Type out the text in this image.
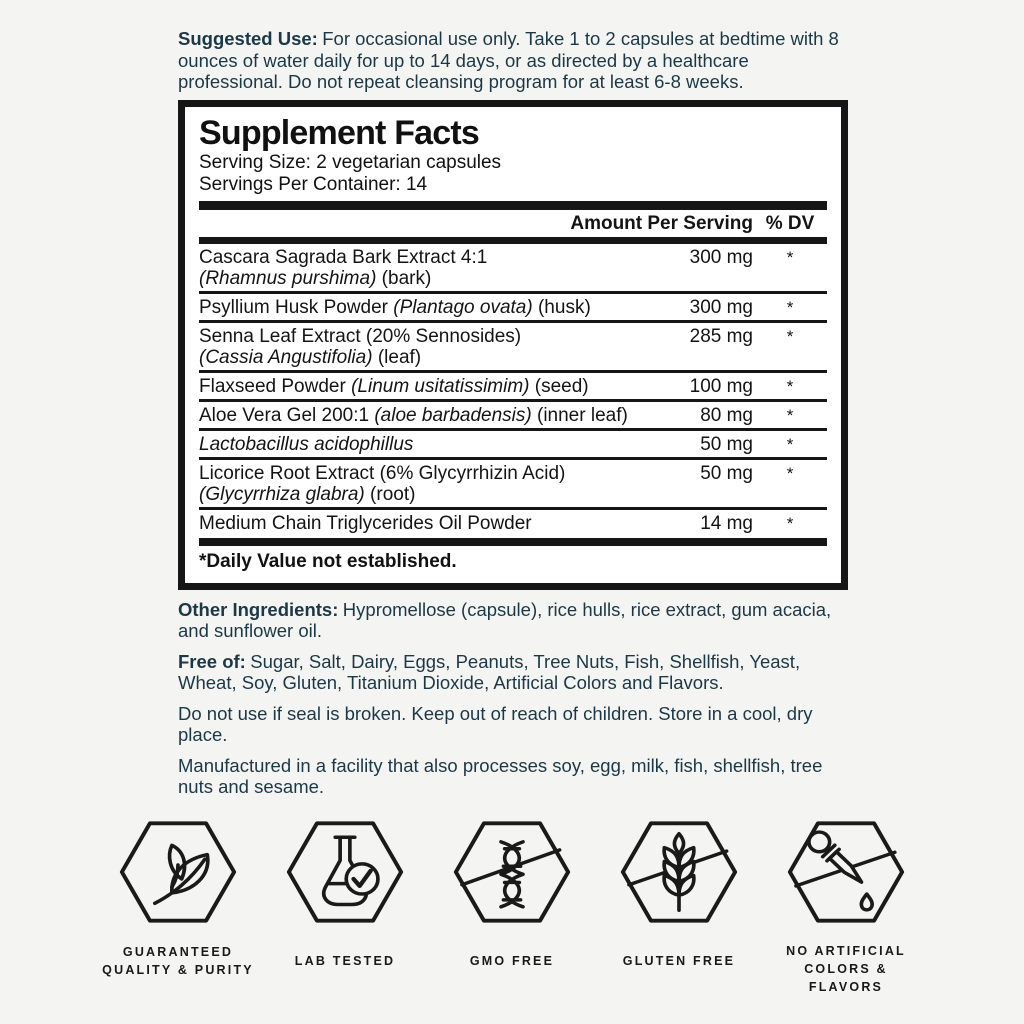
Suggested Use: For occasional use only. Take 1 to 2 capsules at bedtime with 8 ounces of water daily for up to 14 days, or as directed by a healthcare professional. Do not repeat cleansing program for at least 6-8 weeks.
Supplement Facts
Serving Size: 2 vegetarian capsules
Servings Per Container: 14
Amount Per Serving % DV
Cascara Sagrada Bark Extract 4:1
(Rhamnus purshima) (bark)
300 mg	*
Psyllium Husk Powder (Plantago ovata) (husk)	300 mg	*
Senna Leaf Extract (20% Sennosides)
(Cassia Angustifolia) (leaf)
285 mg	*
Flaxseed Powder (Linum usitatissimim) (seed)	100 mg	*
Aloe Vera Gel 200:1 (aloe barbadensis) (inner leaf)	80 mg	*
Lactobacillus acidophillus	50 mg	*
Licorice Root Extract (6% Glycyrrhizin Acid)
(Glycyrrhiza glabra) (root)
50 mg	*
Medium Chain Triglycerides Oil Powder	14 mg	*
*Daily Value not established.
Other Ingredients: Hypromellose (capsule), rice hulls, rice extract, gum acacia, and sunflower oil.
Free of: Sugar, Salt, Dairy, Eggs, Peanuts, Tree Nuts, Fish, Shellfish, Yeast, Wheat, Soy, Gluten, Titanium Dioxide, Artificial Colors and Flavors.
Do not use if seal is broken. Keep out of reach of children. Store in a cool, dry place.
Manufactured in a facility that also processes soy, egg, milk, fish, shellfish, tree nuts and sesame.
GUARANTEED
QUALITY & PURITY
LAB TESTED	GMO FREE	GLUTEN FREE
NO ARTIFICIAL
COLORS & FLAVORS
